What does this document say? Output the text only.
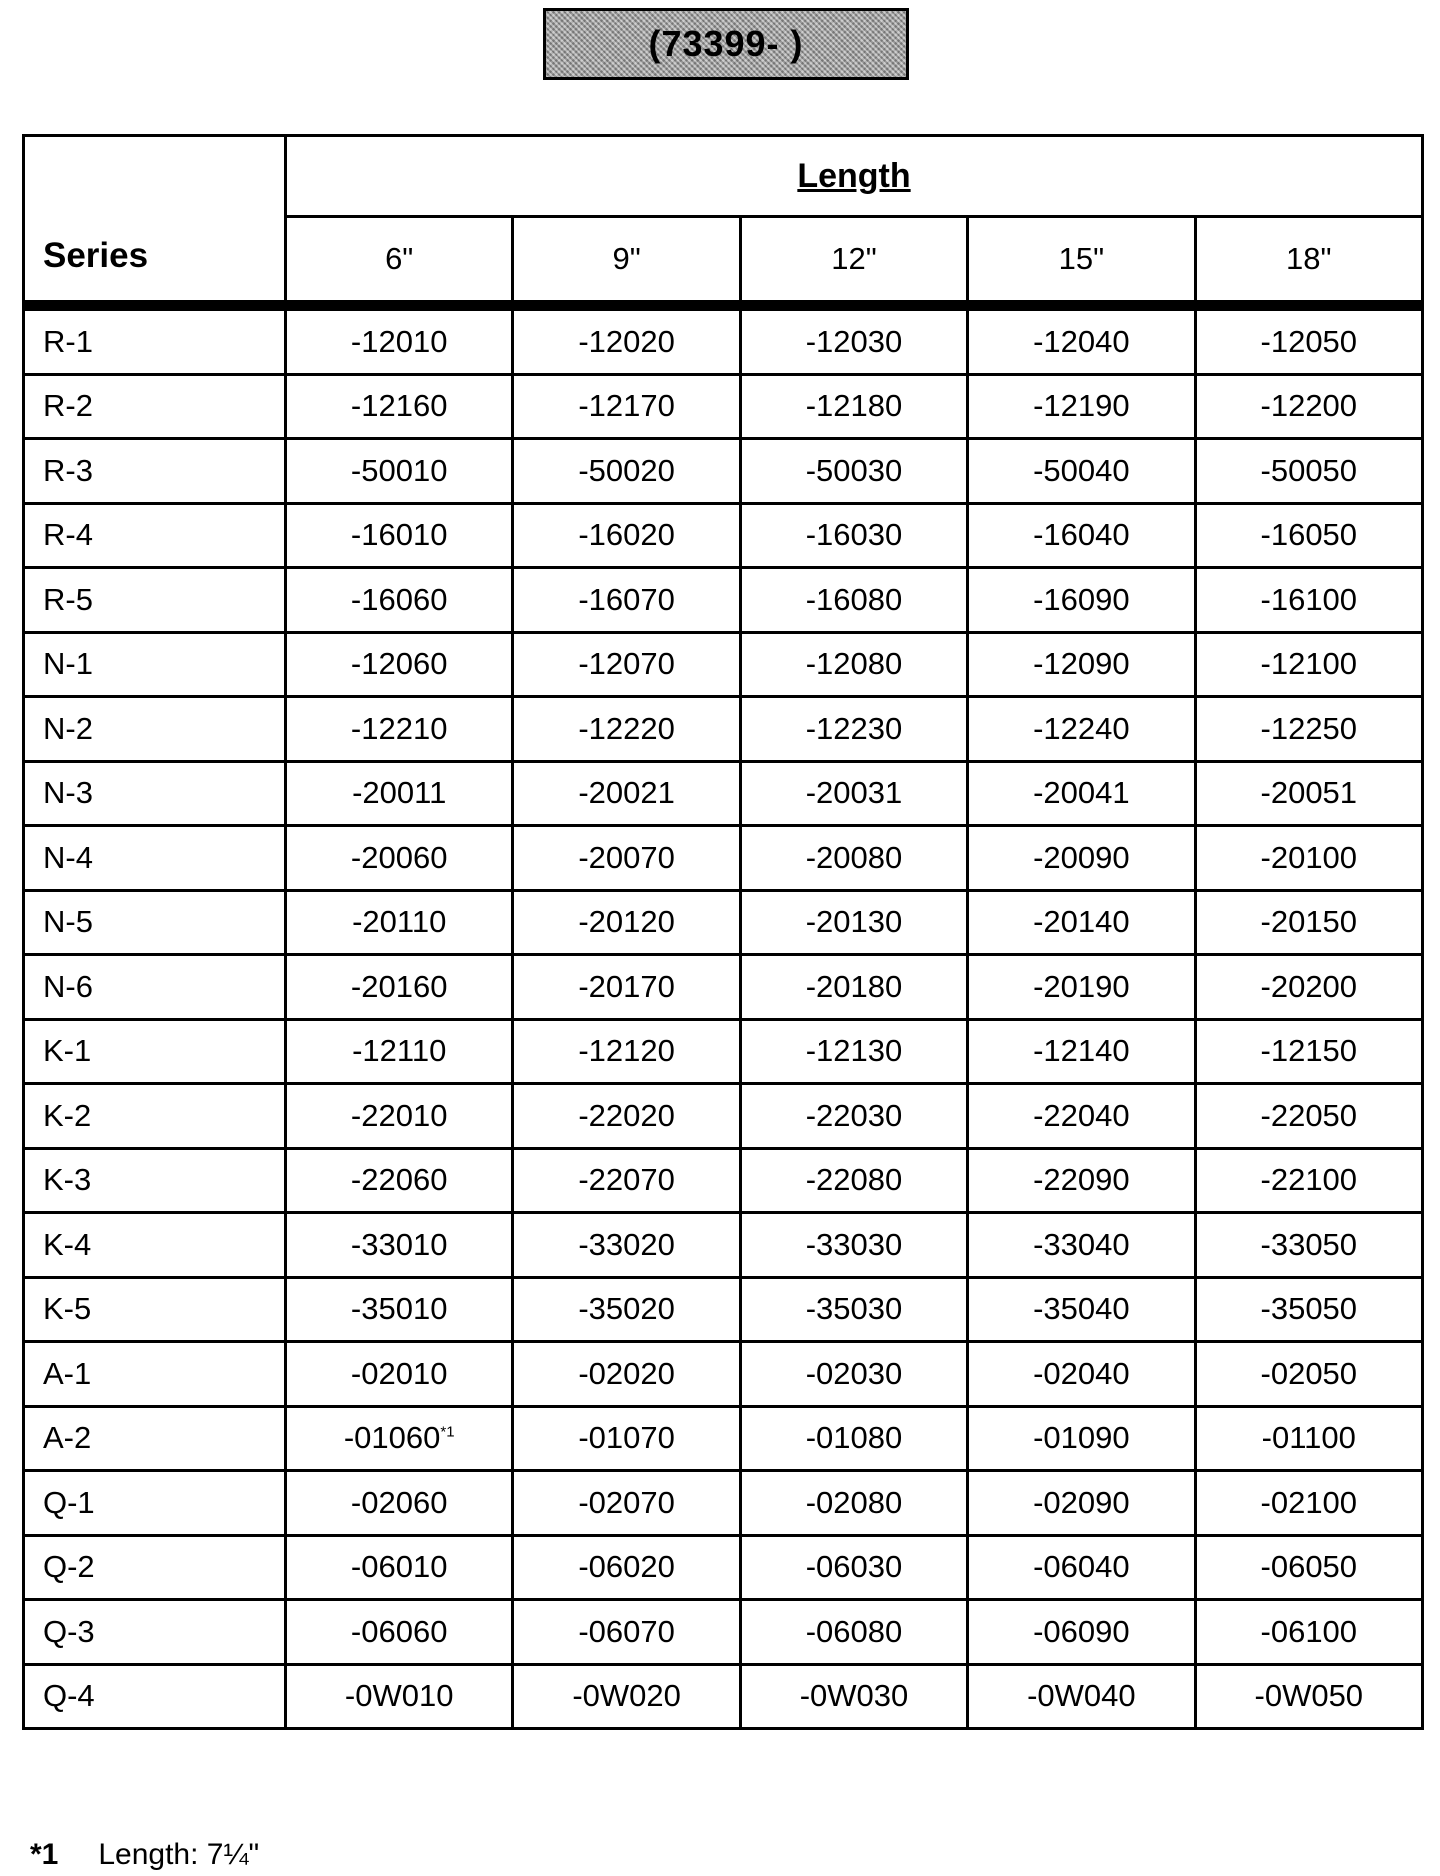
(73399- )
Series	Length				
	6"	9"	12"	15"	18"
R-1	-12010	-12020	-12030	-12040	-12050
R-2	-12160	-12170	-12180	-12190	-12200
R-3	-50010	-50020	-50030	-50040	-50050
R-4	-16010	-16020	-16030	-16040	-16050
R-5	-16060	-16070	-16080	-16090	-16100
N-1	-12060	-12070	-12080	-12090	-12100
N-2	-12210	-12220	-12230	-12240	-12250
N-3	-20011	-20021	-20031	-20041	-20051
N-4	-20060	-20070	-20080	-20090	-20100
N-5	-20110	-20120	-20130	-20140	-20150
N-6	-20160	-20170	-20180	-20190	-20200
K-1	-12110	-12120	-12130	-12140	-12150
K-2	-22010	-22020	-22030	-22040	-22050
K-3	-22060	-22070	-22080	-22090	-22100
K-4	-33010	-33020	-33030	-33040	-33050
K-5	-35010	-35020	-35030	-35040	-35050
A-1	-02010	-02020	-02030	-02040	-02050
A-2	-01060$^{*1}$	-01070	-01080	-01090	-01100
Q-1	-02060	-02070	-02080	-02090	-02100
Q-2	-06010	-06020	-06030	-06040	-06050
Q-3	-06060	-06070	-06080	-06090	-06100
Q-4	-0W010	-0W020	-0W030	-0W040	-0W050
*1 Length: 7¼"
